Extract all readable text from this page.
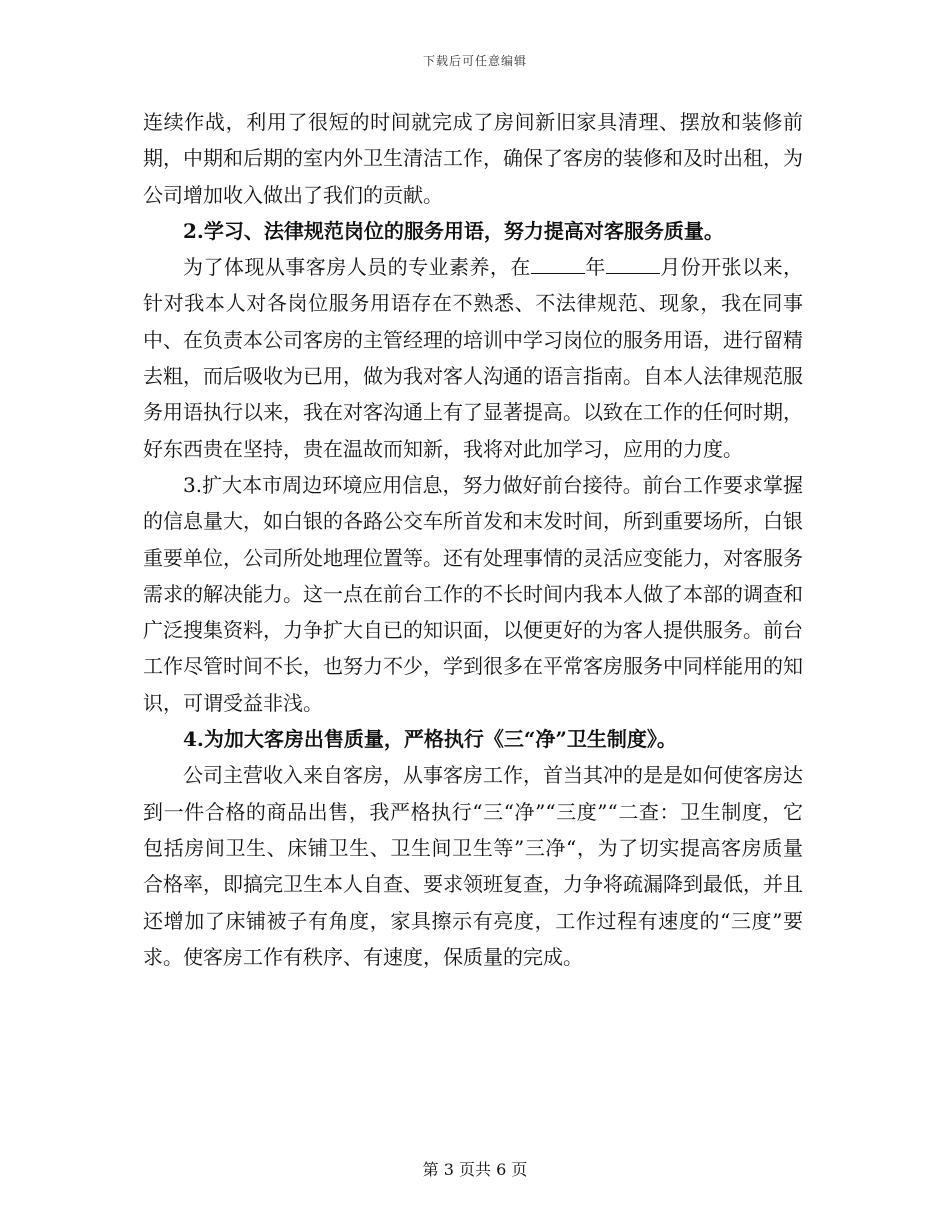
下载后可任意编辑

连续作战，利用了很短的时间就完成了房间新旧家具清理、摆放和装修前期，中期和后期的室内外卫生清洁工作，确保了客房的装修和及时出租，为公司增加收入做出了我们的贡献。

2.学习、法律规范岗位的服务用语，努力提高对客服务质量。

为了体现从事客房人员的专业素养，在	年	月份开张以来，针对我本人对各岗位服务用语存在不熟悉、不法律规范、现象，我在同事中、在负责本公司客房的主管经理的培训中学习岗位的服务用语，进行留精去粗，而后吸收为已用，做为我对客人沟通的语言指南。自本人法律规范服务用语执行以来，我在对客沟通上有了显著提高。以致在工作的任何时期，好东西贵在坚持，贵在温故而知新，我将对此加学习，应用的力度。

3.扩大本市周边环境应用信息，努力做好前台接待。前台工作要求掌握的信息量大，如白银的各路公交车所首发和末发时间，所到重要场所，白银重要单位，公司所处地理位置等。还有处理事情的灵活应变能力，对客服务需求的解决能力。这一点在前台工作的不长时间内我本人做了本部的调查和广泛搜集资料，力争扩大自已的知识面，以便更好的为客人提供服务。前台工作尽管时间不长，也努力不少，学到很多在平常客房服务中同样能用的知识，可谓受益非浅。

4.为加大客房出售质量，严格执行《三“净”卫生制度》。

公司主营收入来自客房，从事客房工作，首当其冲的是是如何使客房达到一件合格的商品出售，我严格执行“三“净”“三度”“二查：卫生制度，它包括房间卫生、床铺卫生、卫生间卫生等”三净“，为了切实提高客房质量合格率，即搞完卫生本人自查、要求领班复查，力争将疏漏降到最低，并且还增加了床铺被子有角度，家具擦示有亮度，工作过程有速度的“三度”要求。使客房工作有秩序、有速度，保质量的完成。

第 3 页共 6 页
